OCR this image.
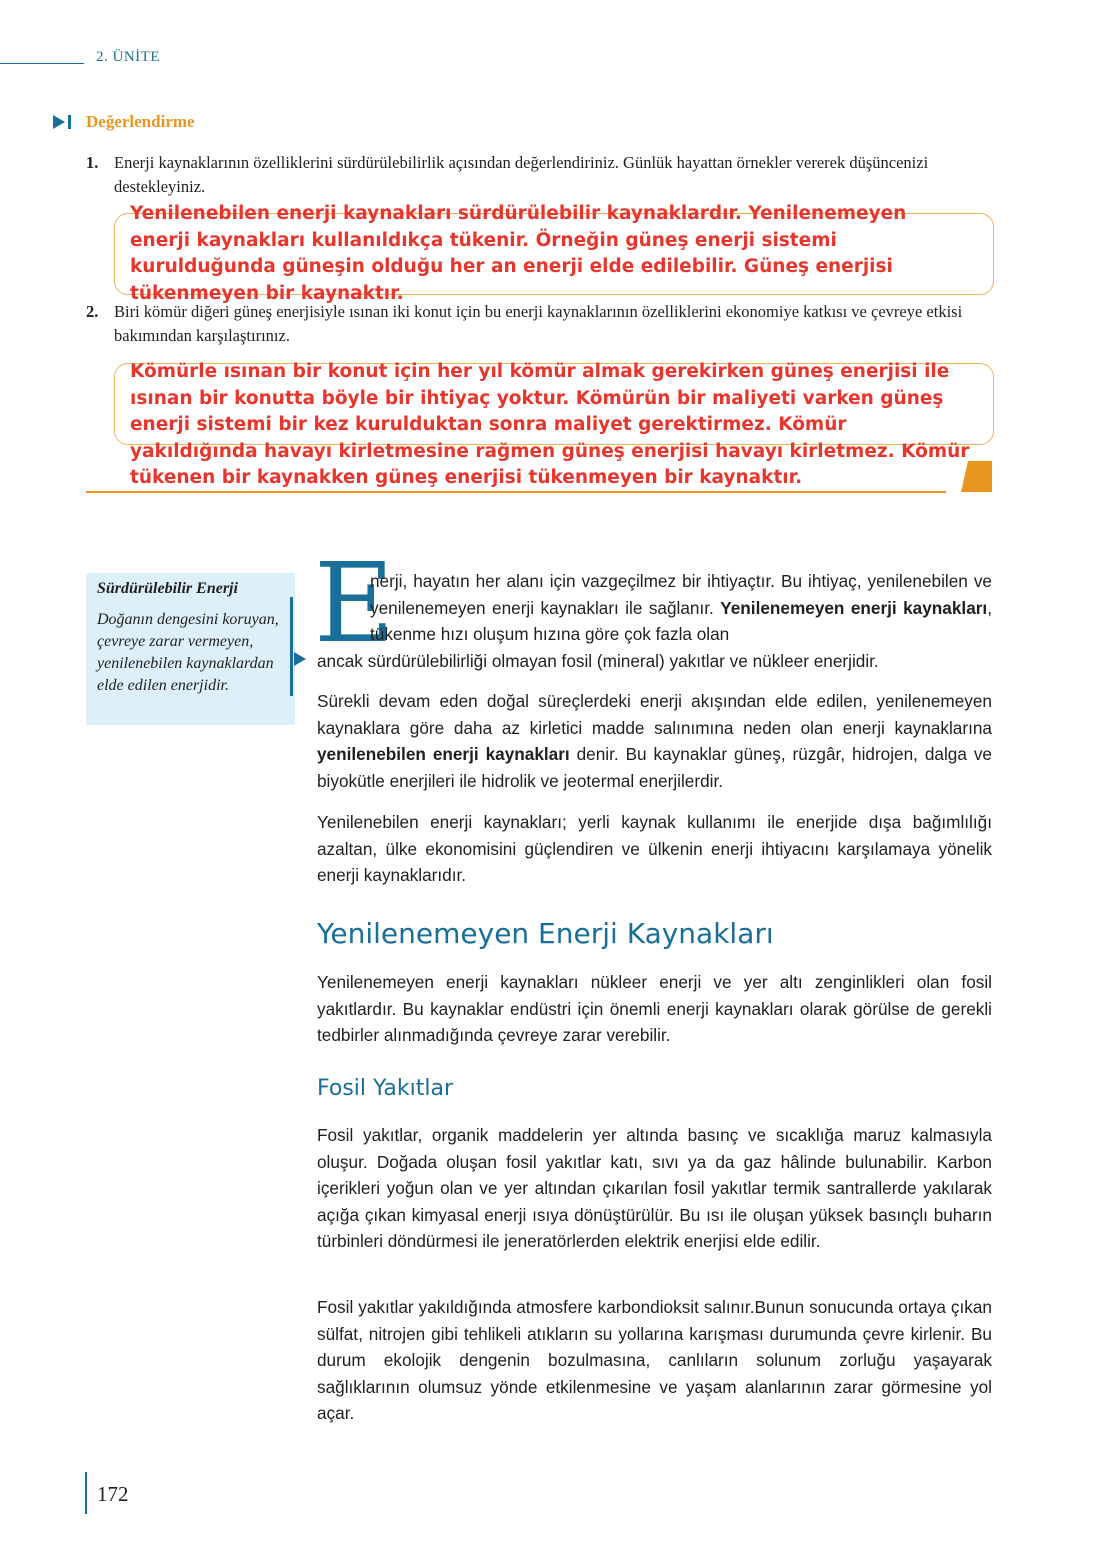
2. ÜNİTE
Değerlendirme
1. Enerji kaynaklarının özelliklerini sürdürülebilirlik açısından değerlendiriniz. Günlük hayattan örnekler vererek düşüncenizi destekleyiniz.
Yenilenebilen enerji kaynakları sürdürülebilir kaynaklardır. Yenilenemeyen enerji kaynakları kullanıldıkça tükenir. Örneğin güneş enerji sistemi kurulduğunda güneşin olduğu her an enerji elde edilebilir. Güneş enerjisi tükenmeyen bir kaynaktır.
2. Biri kömür diğeri güneş enerjisiyle ısınan iki konut için bu enerji kaynaklarının özelliklerini ekonomiye katkısı ve çevreye etkisi bakımından karşılaştırınız.
Kömürle ısınan bir konut için her yıl kömür almak gerekirken güneş enerjisi ile ısınan bir konutta böyle bir ihtiyaç yoktur. Kömürün bir maliyeti varken güneş enerji sistemi bir kez kurulduktan sonra maliyet gerektirmez. Kömür yakıldığında havayı kirletmesine rağmen güneş enerjisi havayı kirletmez. Kömür tükenen bir kaynakken güneş enerjisi tükenmeyen bir kaynaktır.
Sürdürülebilir Enerji
Doğanın dengesini koruyan, çevreye zarar vermeyen, yenilenebilen kaynaklardan elde edilen enerjidir.
E
nerji, hayatın her alanı için vazgeçilmez bir ihtiyaçtır. Bu ihtiyaç, yenilenebilen ve yenilenemeyen enerji kaynakları ile sağlanır. Yenilenemeyen enerji kaynakları, tükenme hızı oluşum hızına göre çok fazla olan
ancak sürdürülebilirliği olmayan fosil (mineral) yakıtlar ve nükleer enerjidir.
Sürekli devam eden doğal süreçlerdeki enerji akışından elde edilen, yenilenemeyen kaynaklara göre daha az kirletici madde salınımına neden olan enerji kaynaklarına yenilenebilen enerji kaynakları denir. Bu kaynaklar güneş, rüzgâr, hidrojen, dalga ve biyokütle enerjileri ile hidrolik ve jeotermal enerjilerdir.
Yenilenebilen enerji kaynakları; yerli kaynak kullanımı ile enerjide dışa bağımlılığı azaltan, ülke ekonomisini güçlendiren ve ülkenin enerji ihtiyacını karşılamaya yönelik enerji kaynaklarıdır.
Yenilenemeyen Enerji Kaynakları
Yenilenemeyen enerji kaynakları nükleer enerji ve yer altı zenginlikleri olan fosil yakıtlardır. Bu kaynaklar endüstri için önemli enerji kaynakları olarak görülse de gerekli tedbirler alınmadığında çevreye zarar verebilir.
Fosil Yakıtlar
Fosil yakıtlar, organik maddelerin yer altında basınç ve sıcaklığa maruz kalmasıyla oluşur. Doğada oluşan fosil yakıtlar katı, sıvı ya da gaz hâlinde bulunabilir. Karbon içerikleri yoğun olan ve yer altından çıkarılan fosil yakıtlar termik santrallerde yakılarak açığa çıkan kimyasal enerji ısıya dönüştürülür. Bu ısı ile oluşan yüksek basınçlı buharın türbinleri döndürmesi ile jeneratörlerden elektrik enerjisi elde edilir.
Fosil yakıtlar yakıldığında atmosfere karbondioksit salınır.Bunun sonucunda ortaya çıkan sülfat, nitrojen gibi tehlikeli atıkların su yollarına karışması durumunda çevre kirlenir. Bu durum ekolojik dengenin bozulmasına, canlıların solunum zorluğu yaşayarak sağlıklarının olumsuz yönde etkilenmesine ve yaşam alanlarının zarar görmesine yol açar.
172
